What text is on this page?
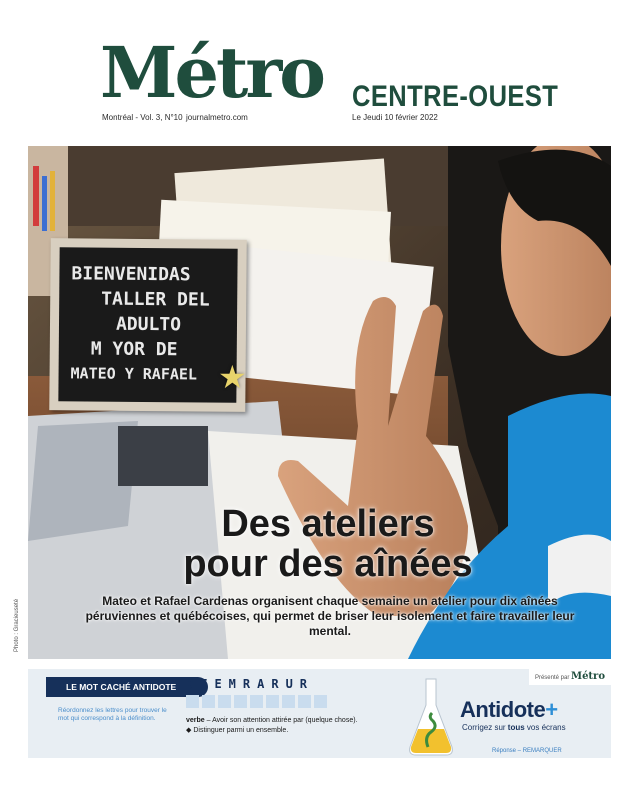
Métro CENTRE-OUEST
Montréal - Vol. 3, N°10 journalmetro.com	Le Jeudi 10 février 2022
BIENVENIDAS
TALLER DEL
ADULTO
M YOR DE
MATEO Y RAFAEL ★
Des ateliers
pour des aînées
Mateo et Rafael Cardenas organisent chaque semaine un atelier pour dix aînées péruviennes et québécoises, qui permet de briser leur isolement et faire travailler leur mental.
Photo : Gracieuseté
LE MOT CACHÉ ANTIDOTE
Réordonnez les lettres pour trouver le mot qui correspond à la définition.
QEEMRARUR
verbe – Avoir son attention attirée par (quelque chose).
◆ Distinguer parmi un ensemble.
Présenté par Métro
Antidote+
Corrigez sur tous vos écrans
Réponse – REMARQUER
